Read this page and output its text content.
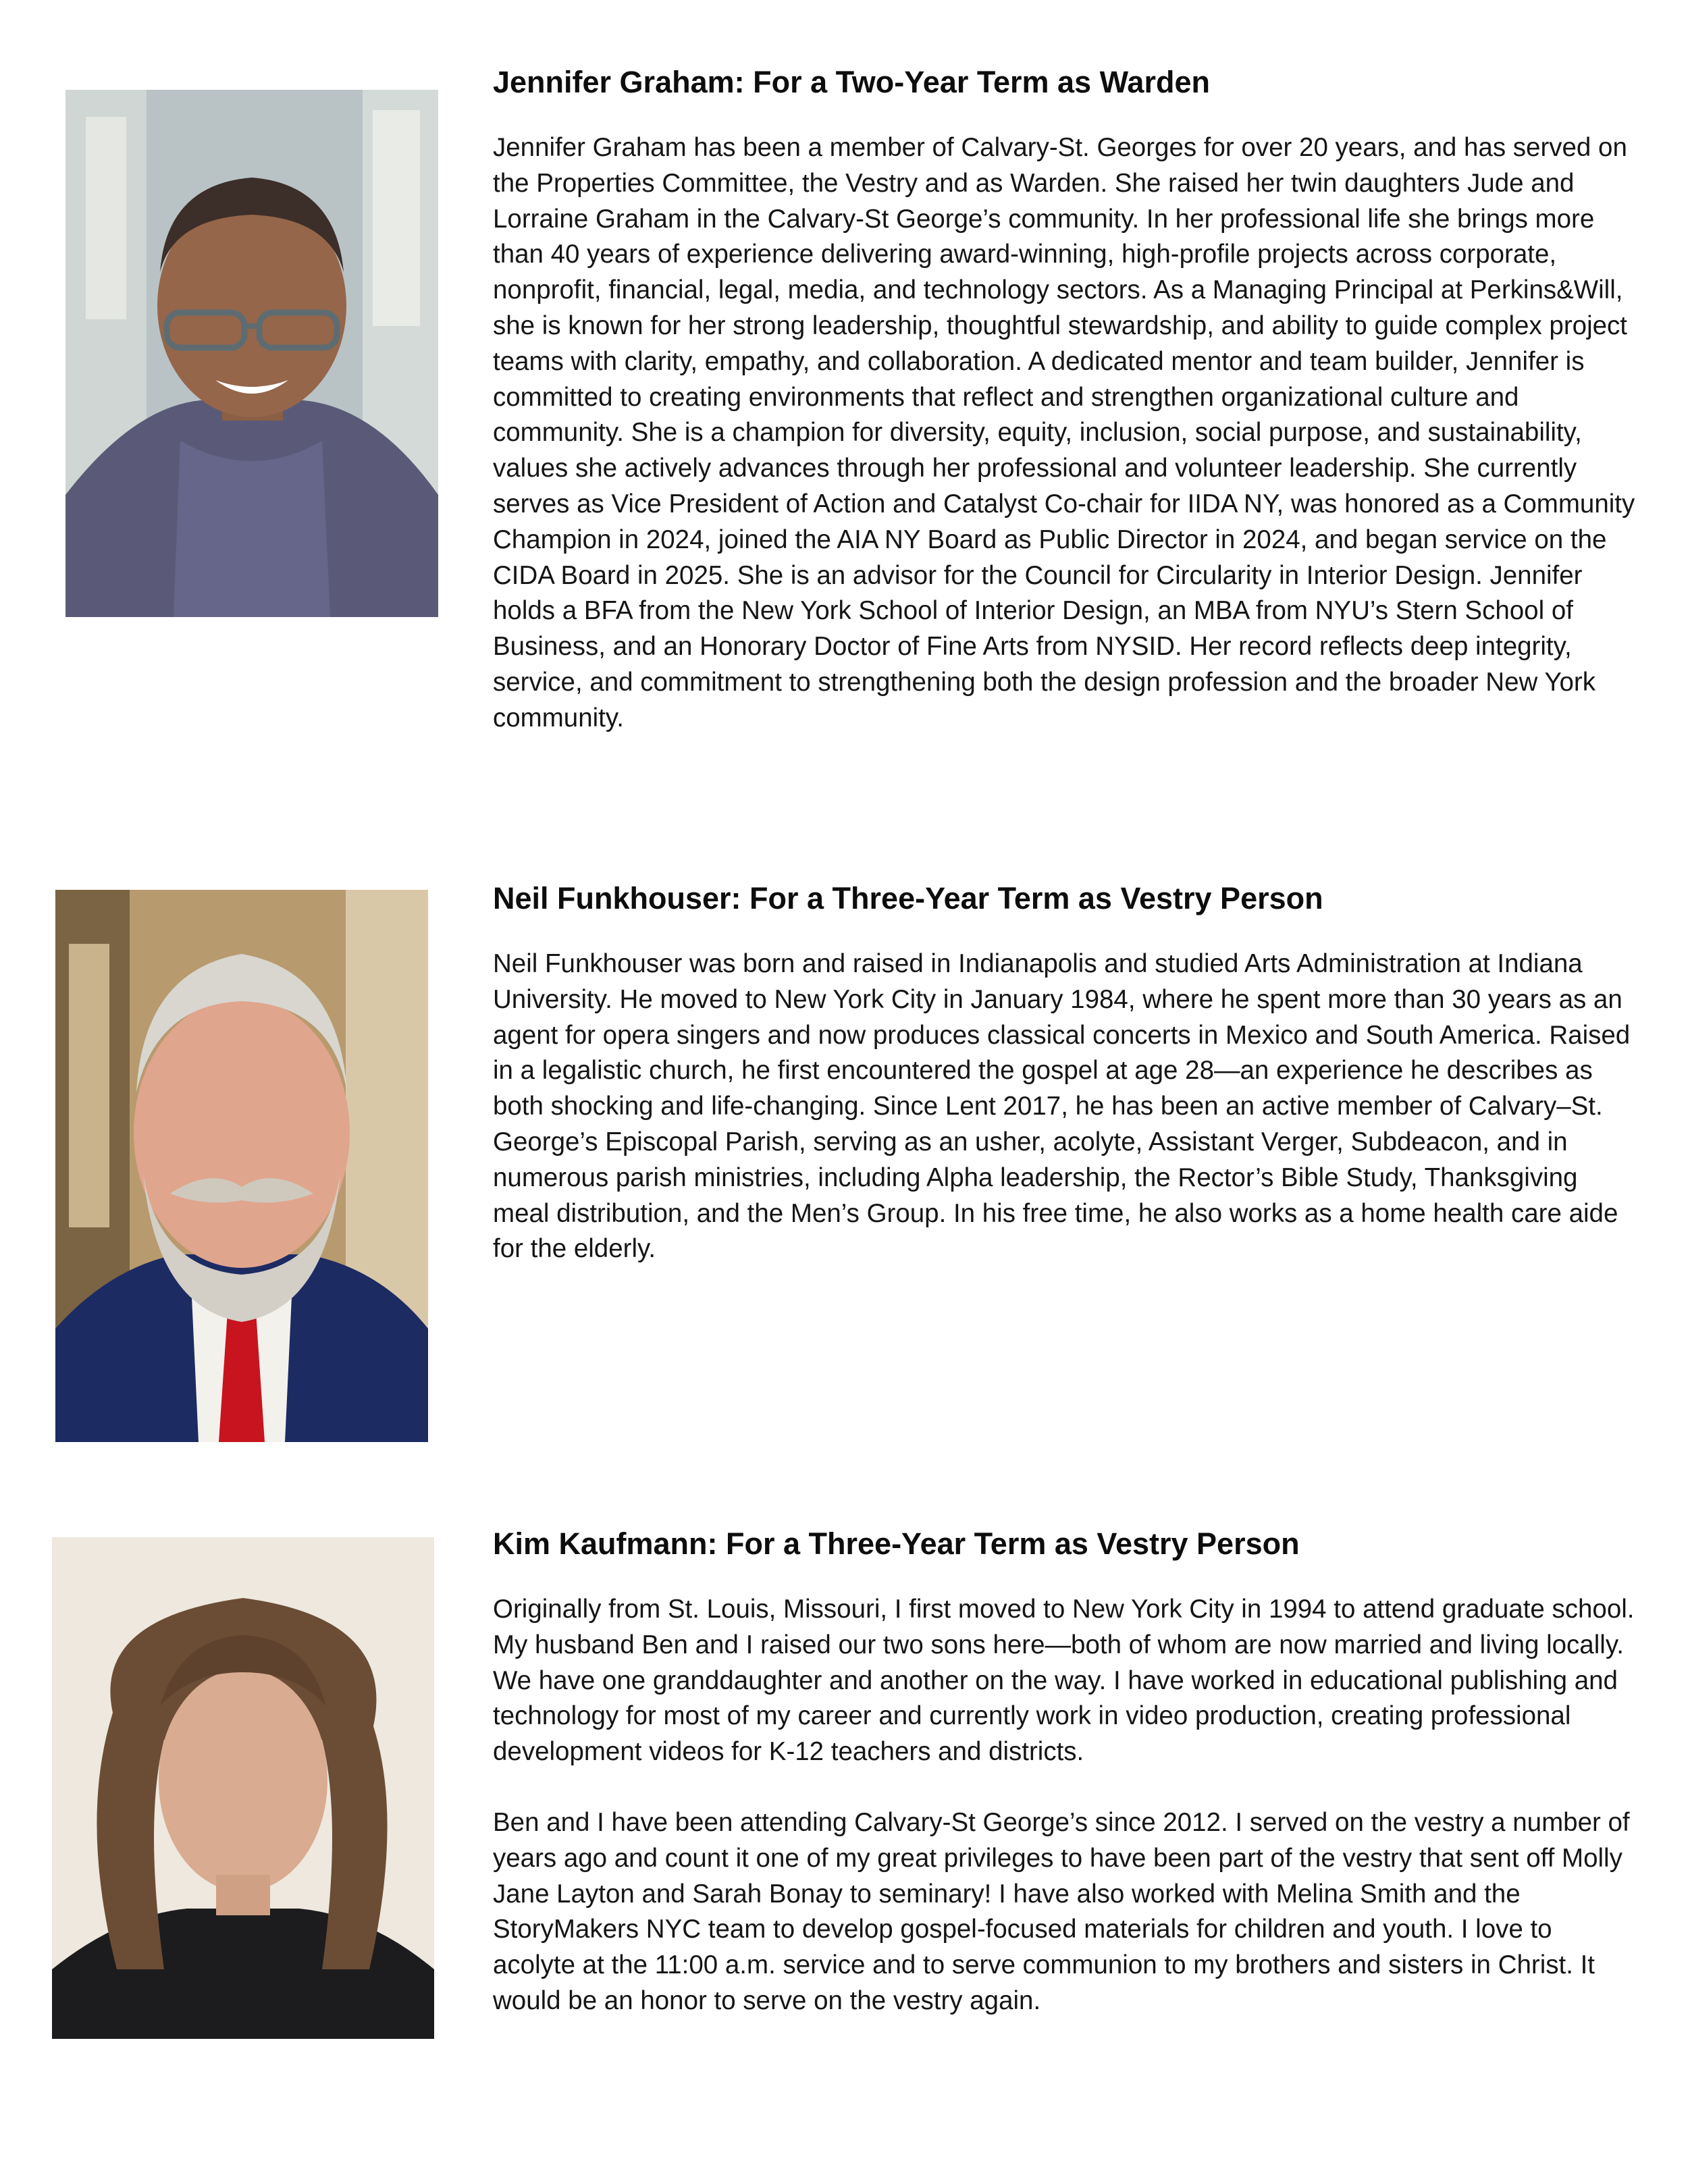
Jennifer Graham: For a Two-Year Term as Warden

Jennifer Graham has been a member of Calvary-St. Georges for over 20 years, and has served on the Properties Committee, the Vestry and as Warden. She raised her twin daughters Jude and Lorraine Graham in the Calvary-St George’s community. In her professional life she brings more than 40 years of experience delivering award-winning, high-profile projects across corporate, nonprofit, financial, legal, media, and technology sectors. As a Managing Principal at Perkins&Will, she is known for her strong leadership, thoughtful stewardship, and ability to guide complex project teams with clarity, empathy, and collaboration. A dedicated mentor and team builder, Jennifer is committed to creating environments that reflect and strengthen organizational culture and community. She is a champion for diversity, equity, inclusion, social purpose, and sustainability, values she actively advances through her professional and volunteer leadership. She currently serves as Vice President of Action and Catalyst Co-chair for IIDA NY, was honored as a Community Champion in 2024, joined the AIA NY Board as Public Director in 2024, and began service on the CIDA Board in 2025. She is an advisor for the Council for Circularity in Interior Design. Jennifer holds a BFA from the New York School of Interior Design, an MBA from NYU’s Stern School of Business, and an Honorary Doctor of Fine Arts from NYSID. Her record reflects deep integrity, service, and commitment to strengthening both the design profession and the broader New York community.

Neil Funkhouser: For a Three-Year Term as Vestry Person

Neil Funkhouser was born and raised in Indianapolis and studied Arts Administration at Indiana University. He moved to New York City in January 1984, where he spent more than 30 years as an agent for opera singers and now produces classical concerts in Mexico and South America. Raised in a legalistic church, he first encountered the gospel at age 28—an experience he describes as both shocking and life-changing. Since Lent 2017, he has been an active member of Calvary–St. George’s Episcopal Parish, serving as an usher, acolyte, Assistant Verger, Subdeacon, and in numerous parish ministries, including Alpha leadership, the Rector’s Bible Study, Thanksgiving meal distribution, and the Men’s Group. In his free time, he also works as a home health care aide for the elderly.

Kim Kaufmann: For a Three-Year Term as Vestry Person

Originally from St. Louis, Missouri, I first moved to New York City in 1994 to attend graduate school. My husband Ben and I raised our two sons here—both of whom are now married and living locally. We have one granddaughter and another on the way. I have worked in educational publishing and technology for most of my career and currently work in video production, creating professional development videos for K-12 teachers and districts.

Ben and I have been attending Calvary-St George’s since 2012. I served on the vestry a number of years ago and count it one of my great privileges to have been part of the vestry that sent off Molly Jane Layton and Sarah Bonay to seminary! I have also worked with Melina Smith and the StoryMakers NYC team to develop gospel-focused materials for children and youth. I love to acolyte at the 11:00 a.m. service and to serve communion to my brothers and sisters in Christ. It would be an honor to serve on the vestry again.
